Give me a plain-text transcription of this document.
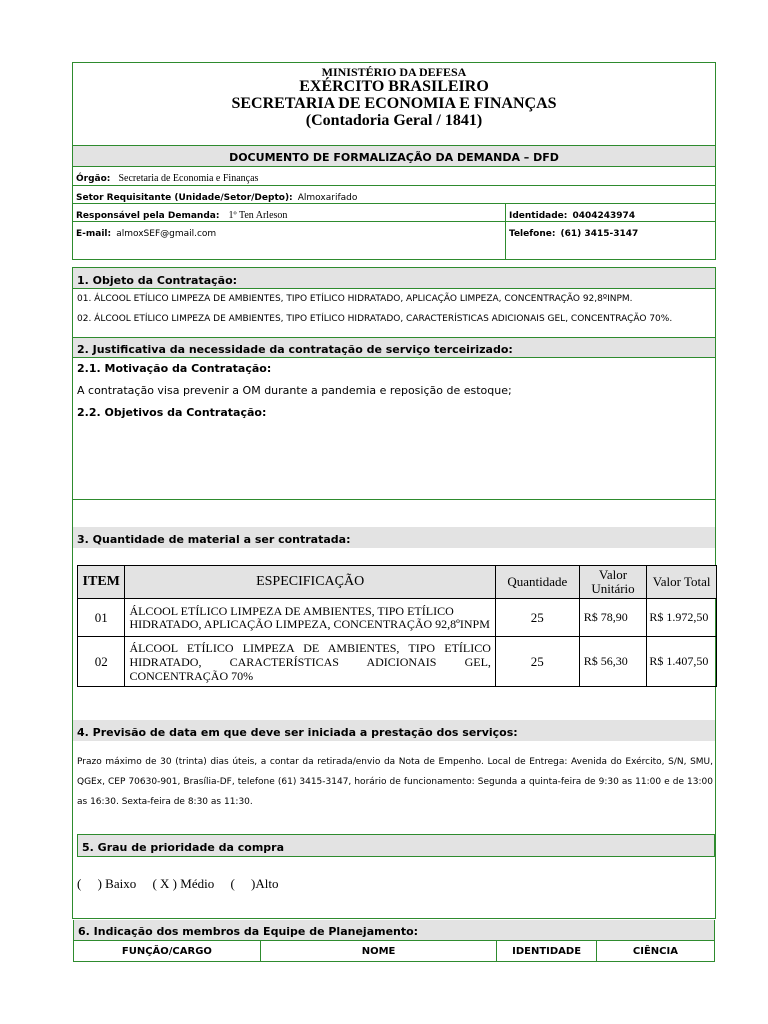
MINISTÉRIO DA DEFESA
EXÉRCITO BRASILEIRO
SECRETARIA DE ECONOMIA E FINANÇAS
(Contadoria Geral / 1841)
DOCUMENTO DE FORMALIZAÇÃO DA DEMANDA – DFD
Órgão: Secretaria de Economia e Finanças
Setor Requisitante (Unidade/Setor/Depto): Almoxarifado
Responsável pela Demanda: 1º Ten Arleson	Identidade: 0404243974
E-mail: almoxSEF@gmail.com	Telefone: (61) 3415-3147
1. Objeto da Contratação:
01. ÁLCOOL ETÍLICO LIMPEZA DE AMBIENTES, TIPO ETÍLICO HIDRATADO, APLICAÇÃO LIMPEZA, CONCENTRAÇÃO 92,8ºINPM.
02. ÁLCOOL ETÍLICO LIMPEZA DE AMBIENTES, TIPO ETÍLICO HIDRATADO, CARACTERÍSTICAS ADICIONAIS GEL, CONCENTRAÇÃO 70%.
2. Justificativa da necessidade da contratação de serviço terceirizado:
2.1. Motivação da Contratação:
A contratação visa prevenir a OM durante a pandemia e reposição de estoque;
2.2. Objetivos da Contratação:
3. Quantidade de material a ser contratada:
4. Previsão de data em que deve ser iniciada a prestação dos serviços:
Prazo máximo de 30 (trinta) dias úteis, a contar da retirada/envio da Nota de Empenho. Local de Entrega: Avenida do Exército, S/N, SMU, QGEx, CEP 70630-901, Brasília-DF, telefone (61) 3415-3147, horário de funcionamento: Segunda a quinta-feira de 9:30 as 11:00 e de 13:00 as 16:30. Sexta-feira de 8:30 as 11:30.
5. Grau de prioridade da compra
(     ) Baixo     ( X ) Médio     (     )Alto
ITEM	ESPECIFICAÇÃO	Quantidade	Valor Unitário	Valor Total
01	ÁLCOOL ETÍLICO LIMPEZA DE AMBIENTES, TIPO ETÍLICO HIDRATADO, APLICAÇÃO LIMPEZA, CONCENTRAÇÃO 92,8ºINPM	25	R$ 78,90	R$ 1.972,50
02	ÁLCOOL ETÍLICO LIMPEZA DE AMBIENTES, TIPO ETÍLICO HIDRATADO, CARACTERÍSTICAS ADICIONAIS GEL, CONCENTRAÇÃO 70%	25	R$ 56,30	R$ 1.407,50
6. Indicação dos membros da Equipe de Planejamento:
FUNÇÃO/CARGO	NOME	IDENTIDADE	CIÊNCIA
